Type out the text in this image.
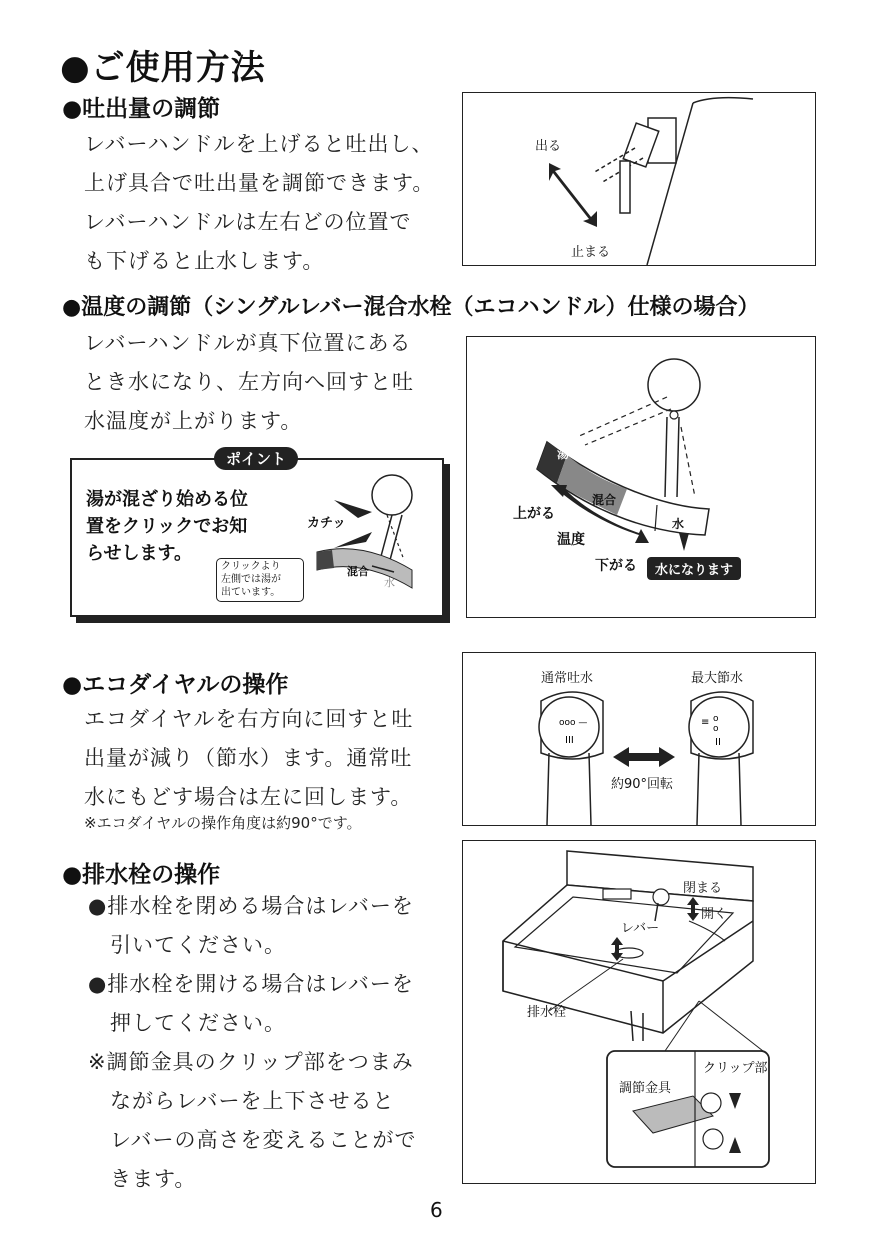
●ご使用方法
●吐出量の調節
レバーハンドルを上げると吐出し、
上げ具合で吐出量を調節できます。
レバーハンドルは左右どの位置で
も下げると止水します。
出る
止まる
●温度の調節（シングルレバー混合水栓（エコハンドル）仕様の場合）
レバーハンドルが真下位置にある
とき水になり、左方向へ回すと吐
水温度が上がります。
ポイント
湯が混ざり始める位
置をクリックでお知
らせします。
カチッ
混合
水
クリックより
左側では湯が
出ています。
湯
混合
水
上がる
温度
下がる	水になります
●エコダイヤルの操作
エコダイヤルを右方向に回すと吐
出量が減り（節水）ます。通常吐
水にもどす場合は左に回します。
※エコダイヤルの操作角度は約90°です。
ooo —
III
o
o
≡
II
通常吐水	最大節水
約90°回転
●排水栓の操作
●排水栓を閉める場合はレバーを
引いてください。
●排水栓を開ける場合はレバーを
押してください。
※調節金具のクリップ部をつまみ
ながらレバーを上下させると
レバーの高さを変えることがで
きます。
閉まる
開く
レバー
排水栓
クリップ部
調節金具
6
